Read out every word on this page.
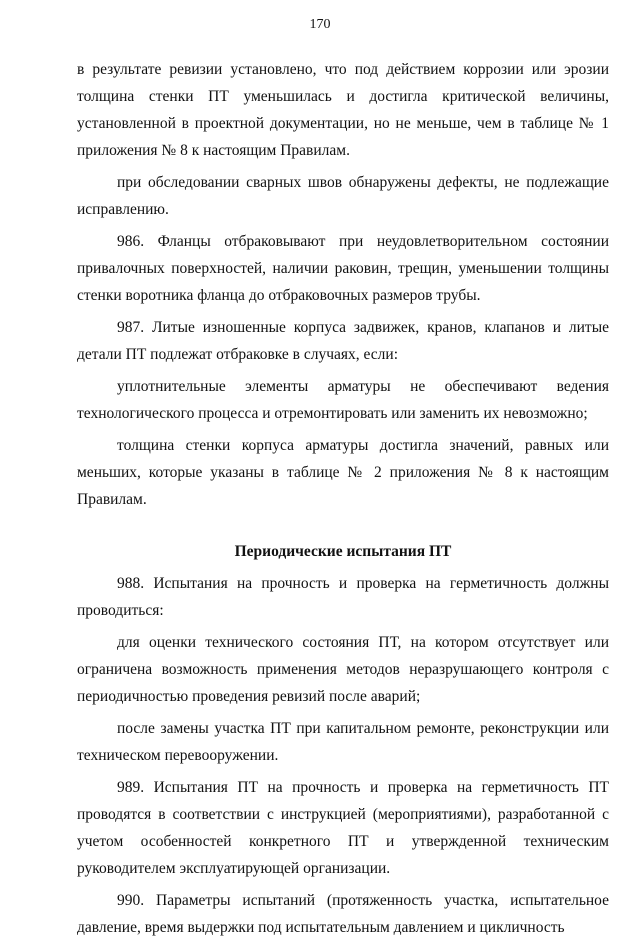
170

в результате ревизии установлено, что под действием коррозии или эрозии толщина стенки ПТ уменьшилась и достигла критической величины, установленной в проектной документации, но не меньше, чем в таблице № 1 приложения № 8 к настоящим Правилам.

при обследовании сварных швов обнаружены дефекты, не подлежащие исправлению.

986. Фланцы отбраковывают при неудовлетворительном состоянии привалочных поверхностей, наличии раковин, трещин, уменьшении толщины стенки воротника фланца до отбраковочных размеров трубы.

987. Литые изношенные корпуса задвижек, кранов, клапанов и литые детали ПТ подлежат отбраковке в случаях, если:

уплотнительные элементы арматуры не обеспечивают ведения технологического процесса и отремонтировать или заменить их невозможно;

толщина стенки корпуса арматуры достигла значений, равных или меньших, которые указаны в таблице № 2 приложения № 8 к настоящим Правилам.

Периодические испытания ПТ

988. Испытания на прочность и проверка на герметичность должны проводиться:

для оценки технического состояния ПТ, на котором отсутствует или ограничена возможность применения методов неразрушающего контроля с периодичностью проведения ревизий после аварий;

после замены участка ПТ при капитальном ремонте, реконструкции или техническом перевооружении.

989. Испытания ПТ на прочность и проверка на герметичность ПТ проводятся в соответствии с инструкцией (мероприятиями), разработанной с учетом особенностей конкретного ПТ и утвержденной техническим руководителем эксплуатирующей организации.

990. Параметры испытаний (протяженность участка, испытательное давление, время выдержки под испытательным давлением и цикличность
